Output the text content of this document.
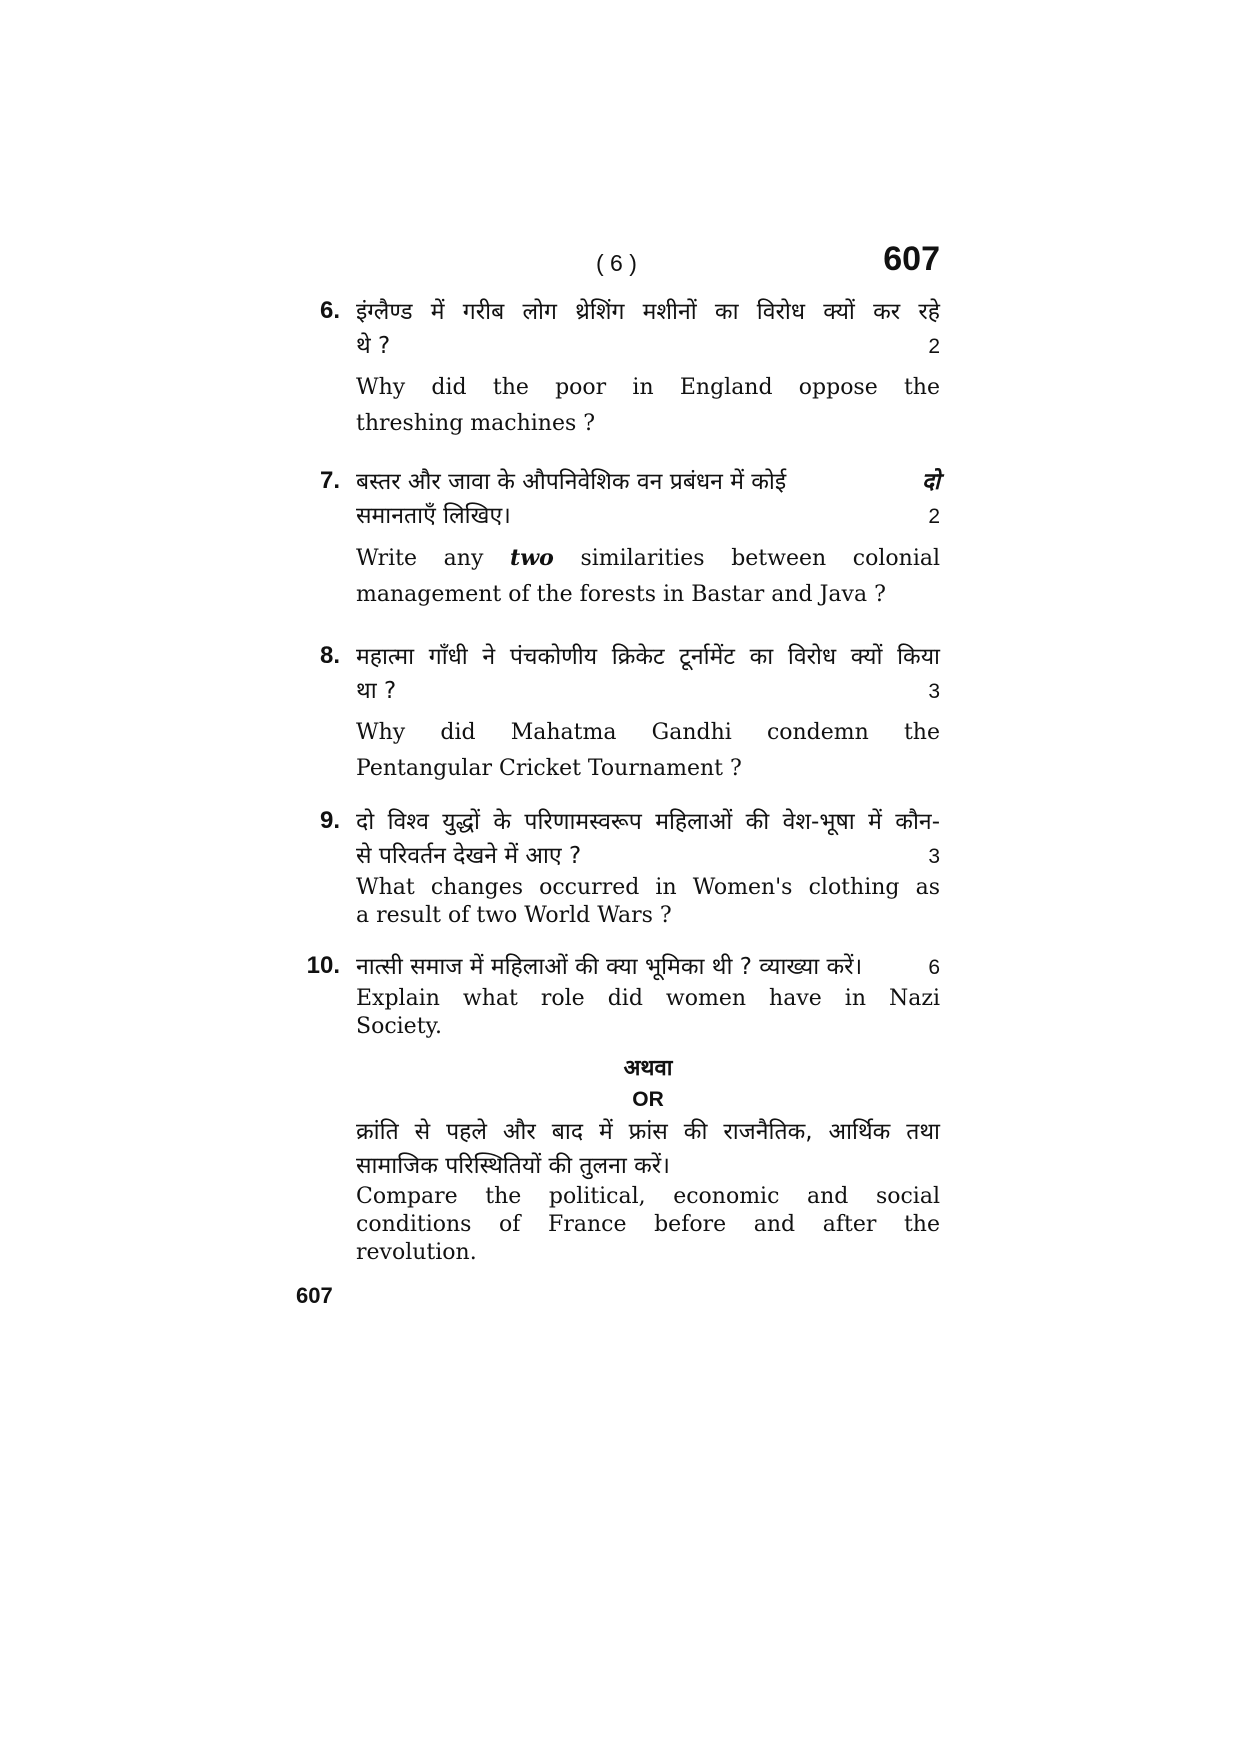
( 6 )	607
6. इंग्लैण्ड में गरीब लोग थ्रेशिंग मशीनों का विरोध क्यों कर रहे
थे ?	2
Why did the poor in England oppose the
threshing machines ?
7. बस्तर और जावा के औपनिवेशिक वन प्रबंधन में कोई	दो
समानताएँ लिखिए।	2
Write any two similarities between colonial
management of the forests in Bastar and Java ?
8. महात्मा गाँधी ने पंचकोणीय क्रिकेट टूर्नामेंट का विरोध क्यों किया
था ?	3
Why did Mahatma Gandhi condemn the
Pentangular Cricket Tournament ?
9. दो विश्व युद्धों के परिणामस्वरूप महिलाओं की वेश-भूषा में कौन-
से परिवर्तन देखने में आए ?	3
What changes occurred in Women's clothing as
a result of two World Wars ?
10. नात्सी समाज में महिलाओं की क्या भूमिका थी ? व्याख्या करें।	6
Explain what role did women have in Nazi
Society.
अथवा
OR
क्रांति से पहले और बाद में फ्रांस की राजनैतिक, आर्थिक तथा
सामाजिक परिस्थितियों की तुलना करें।
Compare the political, economic and social conditions of France before and after the
revolution.
607
